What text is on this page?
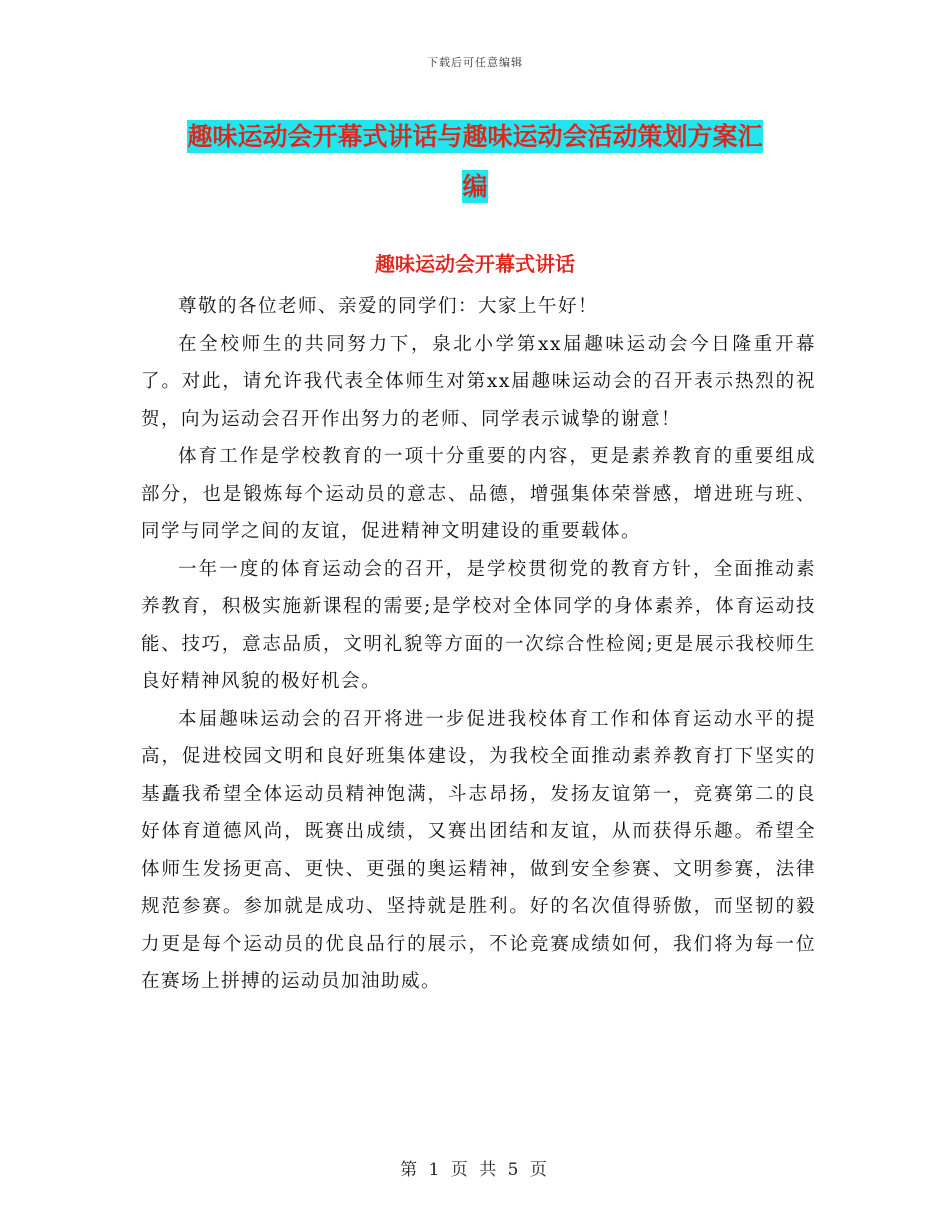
下载后可任意编辑
趣味运动会开幕式讲话与趣味运动会活动策划方案汇
编
趣味运动会开幕式讲话

尊敬的各位老师、亲爱的同学们：大家上午好！

在全校师生的共同努力下，泉北小学第xx届趣味运动会今日隆重开幕了。对此，请允许我代表全体师生对第xx届趣味运动会的召开表示热烈的祝贺，向为运动会召开作出努力的老师、同学表示诚挚的谢意！

体育工作是学校教育的一项十分重要的内容，更是素养教育的重要组成部分，也是锻炼每个运动员的意志、品德，增强集体荣誉感，增进班与班、同学与同学之间的友谊，促进精神文明建设的重要载体。

一年一度的体育运动会的召开，是学校贯彻党的教育方针，全面推动素养教育，积极实施新课程的需要;是学校对全体同学的身体素养，体育运动技能、技巧，意志品质，文明礼貌等方面的一次综合性检阅;更是展示我校师生良好精神风貌的极好机会。

本届趣味运动会的召开将进一步促进我校体育工作和体育运动水平的提高，促进校园文明和良好班集体建设，为我校全面推动素养教育打下坚实的基矗我希望全体运动员精神饱满，斗志昂扬，发扬友谊第一，竞赛第二的良好体育道德风尚，既赛出成绩，又赛出团结和友谊，从而获得乐趣。希望全体师生发扬更高、更快、更强的奥运精神，做到安全参赛、文明参赛，法律规范参赛。参加就是成功、坚持就是胜利。好的名次值得骄傲，而坚韧的毅力更是每个运动员的优良品行的展示，不论竞赛成绩如何，我们将为每一位在赛场上拼搏的运动员加油助威。

第 1 页 共 5 页
